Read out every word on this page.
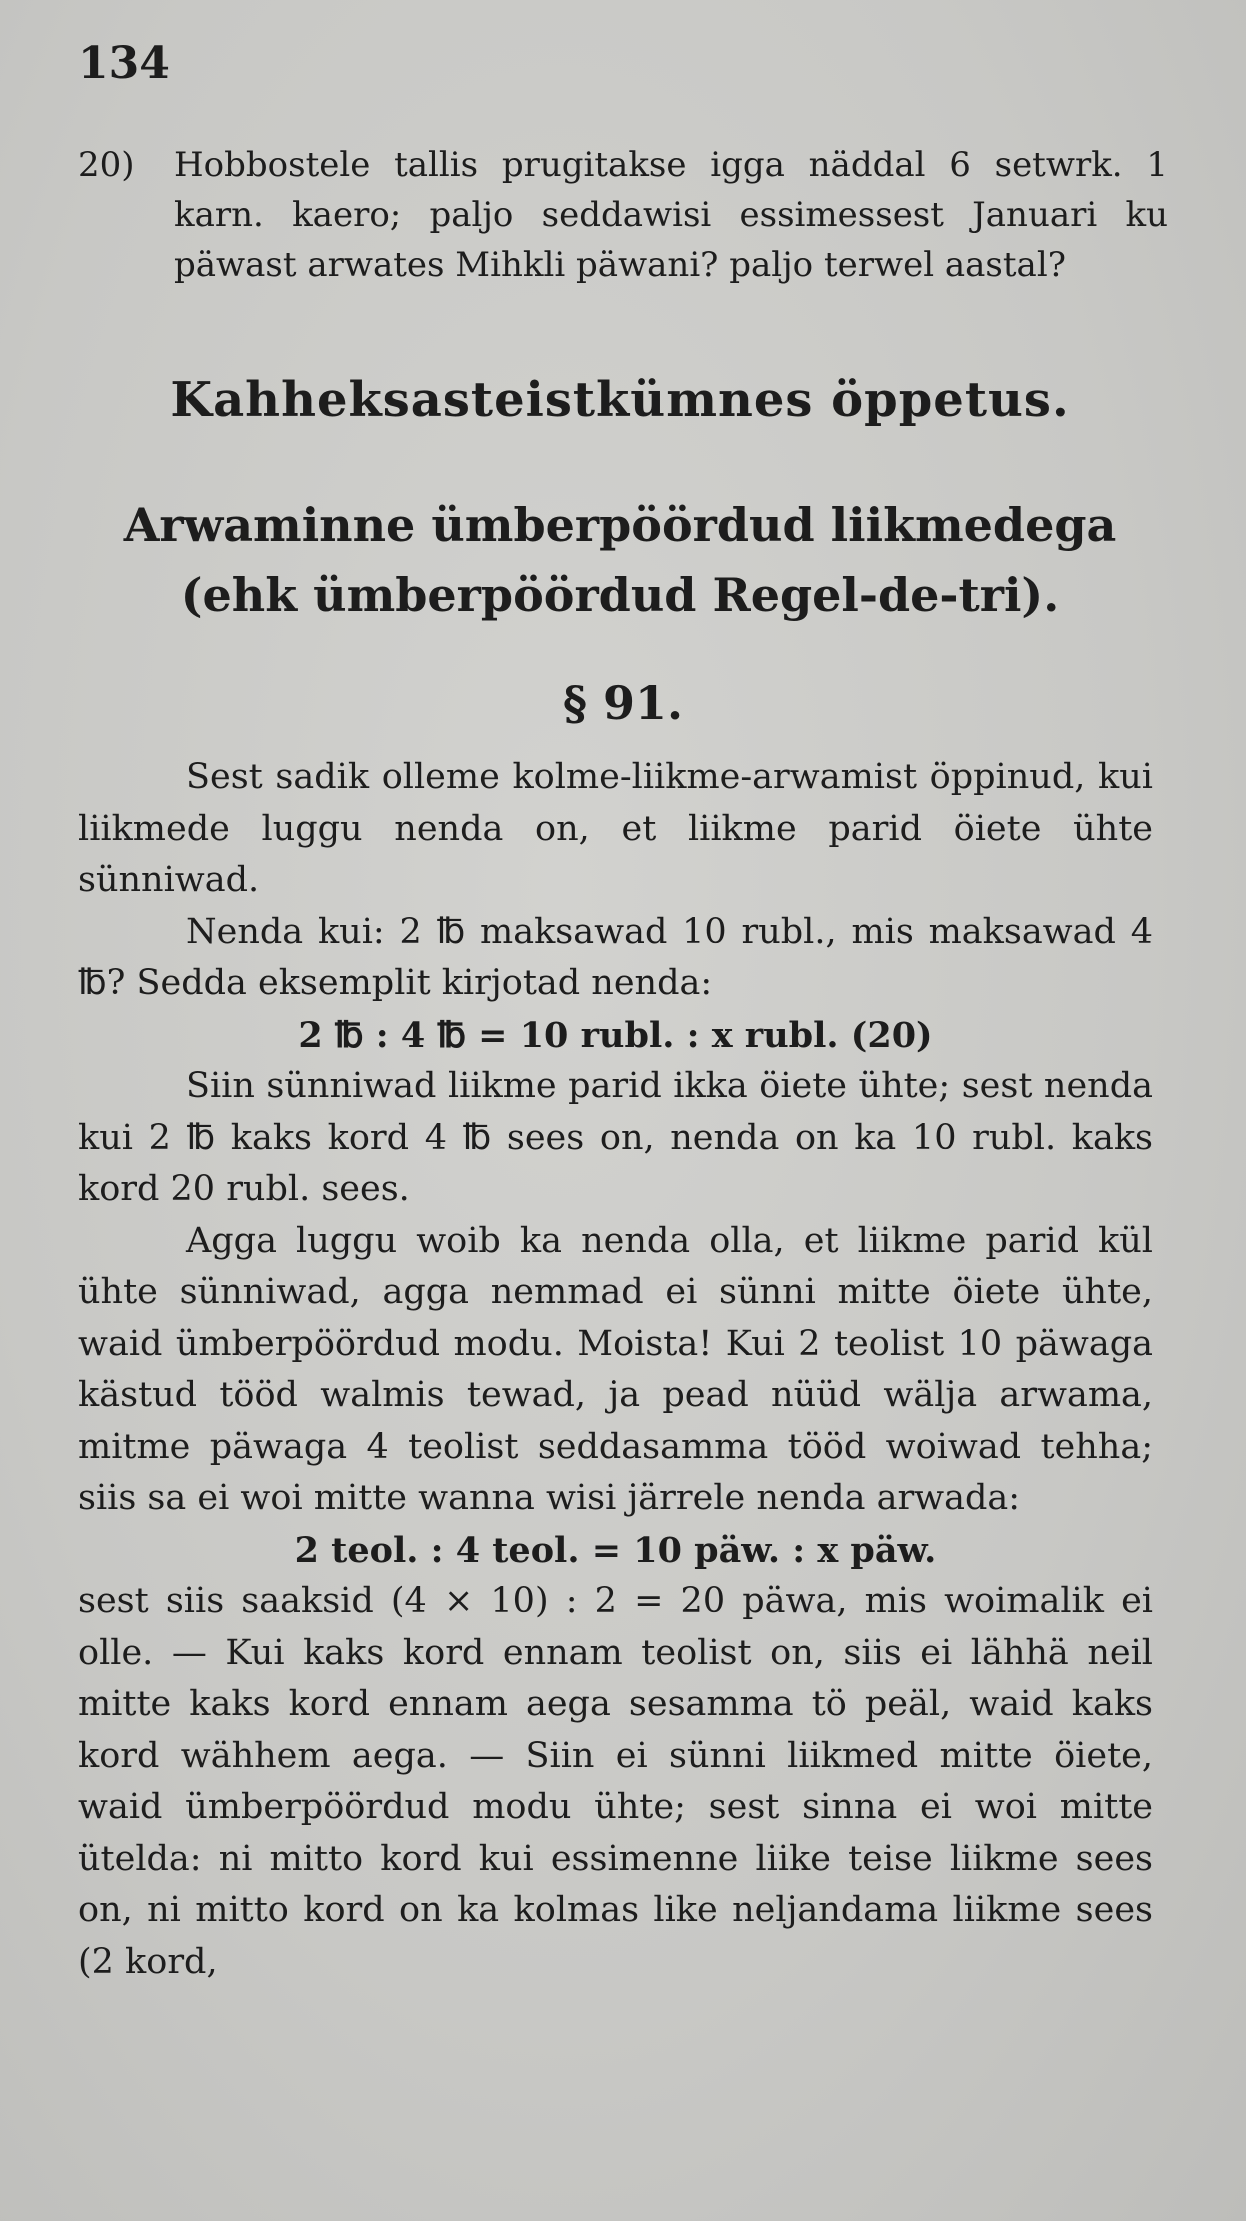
134
20) Hobbostele tallis prugitakse igga näddal 6 setwrk. 1 karn. kaero; paljo seddawisi essimessest Januari ku päwast arwates Mihkli päwani? paljo terwel aastal?
Kahheksasteistkümnes öppetus.
Arwaminne ümberpöördud liikmedega (ehk ümberpöördud Regel-de-tri).
§ 91.

Sest sadik olleme kolme-liikme-arwamist öppinud, kui liikmede luggu nenda on, et liikme parid öiete ühte sünniwad.

Nenda kui: 2 ℔ maksawad 10 rubl., mis maksawad 4 ℔? Sedda eksemplit kirjotad nenda:

2 ℔ : 4 ℔ = 10 rubl. : x rubl. (20)

Siin sünniwad liikme parid ikka öiete ühte; sest nenda kui 2 ℔ kaks kord 4 ℔ sees on, nenda on ka 10 rubl. kaks kord 20 rubl. sees.

Agga luggu woib ka nenda olla, et liikme parid kül ühte sünniwad, agga nemmad ei sünni mitte öiete ühte, waid ümberpöördud modu. Moista! Kui 2 teolist 10 päwaga kästud tööd walmis tewad, ja pead nüüd wälja arwama, mitme päwaga 4 teolist seddasamma tööd woiwad tehha; siis sa ei woi mitte wanna wisi järrele nenda arwada:

2 teol. : 4 teol. = 10 päw. : x päw.

sest siis saaksid (4 × 10) : 2 = 20 päwa, mis woimalik ei olle. — Kui kaks kord ennam teolist on, siis ei lähhä neil mitte kaks kord ennam aega sesamma tö peäl, waid kaks kord wähhem aega. — Siin ei sünni liikmed mitte öiete, waid ümberpöördud modu ühte; sest sinna ei woi mitte ütelda: ni mitto kord kui essimenne liike teise liikme sees on, ni mitto kord on ka kolmas like neljandama liikme sees (2 kord,
